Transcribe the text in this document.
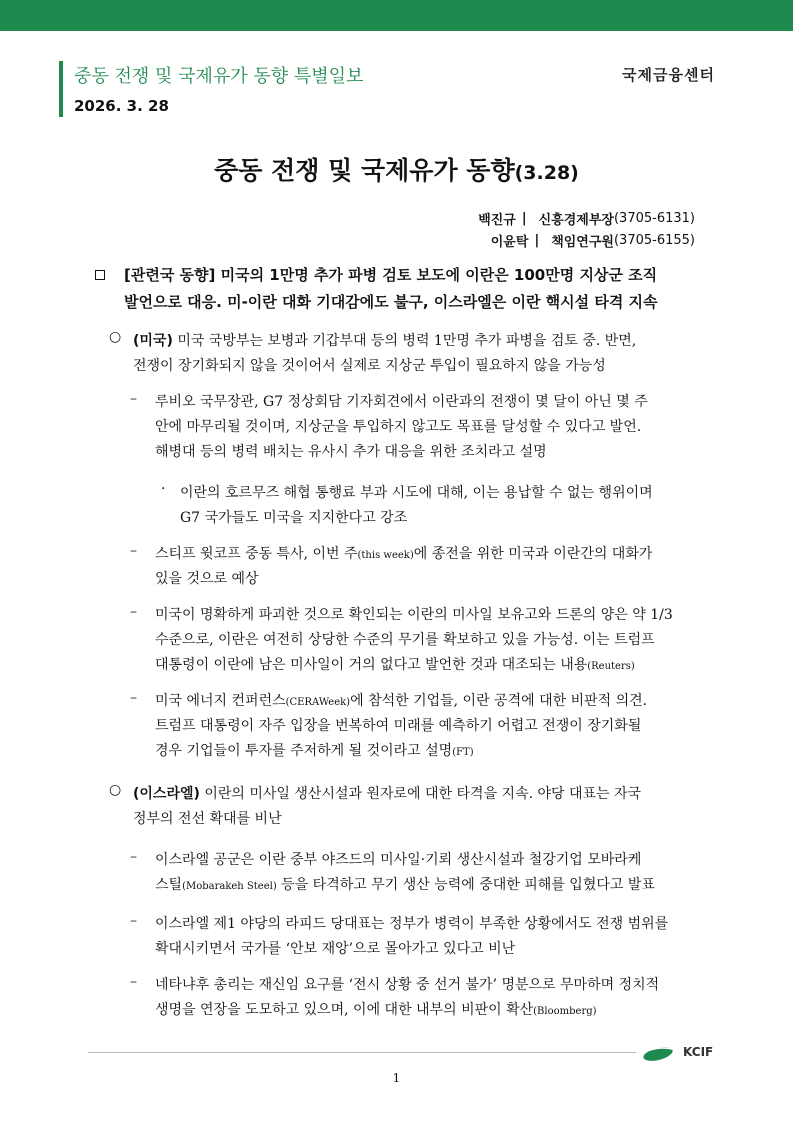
중동 전쟁 및 국제유가 동향 특별일보
2026. 3. 28
국제금융센터
중동 전쟁 및 국제유가 동향(3.28)
백진규 | 신흥경제부장 (3705-6131)
이윤탁 | 책임연구원 (3705-6155)
[관련국 동향] 미국의 1만명 추가 파병 검토 보도에 이란은 100만명 지상군 조직
발언으로 대응. 미-이란 대화 기대감에도 불구, 이스라엘은 이란 핵시설 타격 지속
○ (미국) 미국 국방부는 보병과 기갑부대 등의 병력 1만명 추가 파병을 검토 중. 반면,
전쟁이 장기화되지 않을 것이어서 실제로 지상군 투입이 필요하지 않을 가능성
– 루비오 국무장관, G7 정상회담 기자회견에서 이란과의 전쟁이 몇 달이 아닌 몇 주
안에 마무리될 것이며, 지상군을 투입하지 않고도 목표를 달성할 수 있다고 발언.
해병대 등의 병력 배치는 유사시 추가 대응을 위한 조치라고 설명
· 이란의 호르무즈 해협 통행료 부과 시도에 대해, 이는 용납할 수 없는 행위이며
G7 국가들도 미국을 지지한다고 강조
– 스티프 윗코프 중동 특사, 이번 주(this week)에 종전을 위한 미국과 이란간의 대화가
있을 것으로 예상
– 미국이 명확하게 파괴한 것으로 확인되는 이란의 미사일 보유고와 드론의 양은 약 1/3
수준으로, 이란은 여전히 상당한 수준의 무기를 확보하고 있을 가능성. 이는 트럼프
대통령이 이란에 남은 미사일이 거의 없다고 발언한 것과 대조되는 내용(Reuters)
– 미국 에너지 컨퍼런스(CERAWeek)에 참석한 기업들, 이란 공격에 대한 비판적 의견.
트럼프 대통령이 자주 입장을 번복하여 미래를 예측하기 어렵고 전쟁이 장기화될
경우 기업들이 투자를 주저하게 될 것이라고 설명(FT)
○ (이스라엘) 이란의 미사일 생산시설과 원자로에 대한 타격을 지속. 야당 대표는 자국
정부의 전선 확대를 비난
– 이스라엘 공군은 이란 중부 야즈드의 미사일·기뢰 생산시설과 철강기업 모바라케
스틸(Mobarakeh Steel) 등을 타격하고 무기 생산 능력에 중대한 피해를 입혔다고 발표
– 이스라엘 제1 야당의 라피드 당대표는 정부가 병력이 부족한 상황에서도 전쟁 범위를
확대시키면서 국가를 ‘안보 재앙’으로 몰아가고 있다고 비난
– 네타냐후 총리는 재신임 요구를 ‘전시 상황 중 선거 불가’ 명분으로 무마하며 정치적
생명을 연장을 도모하고 있으며, 이에 대한 내부의 비판이 확산(Bloomberg)
KCIF
1
